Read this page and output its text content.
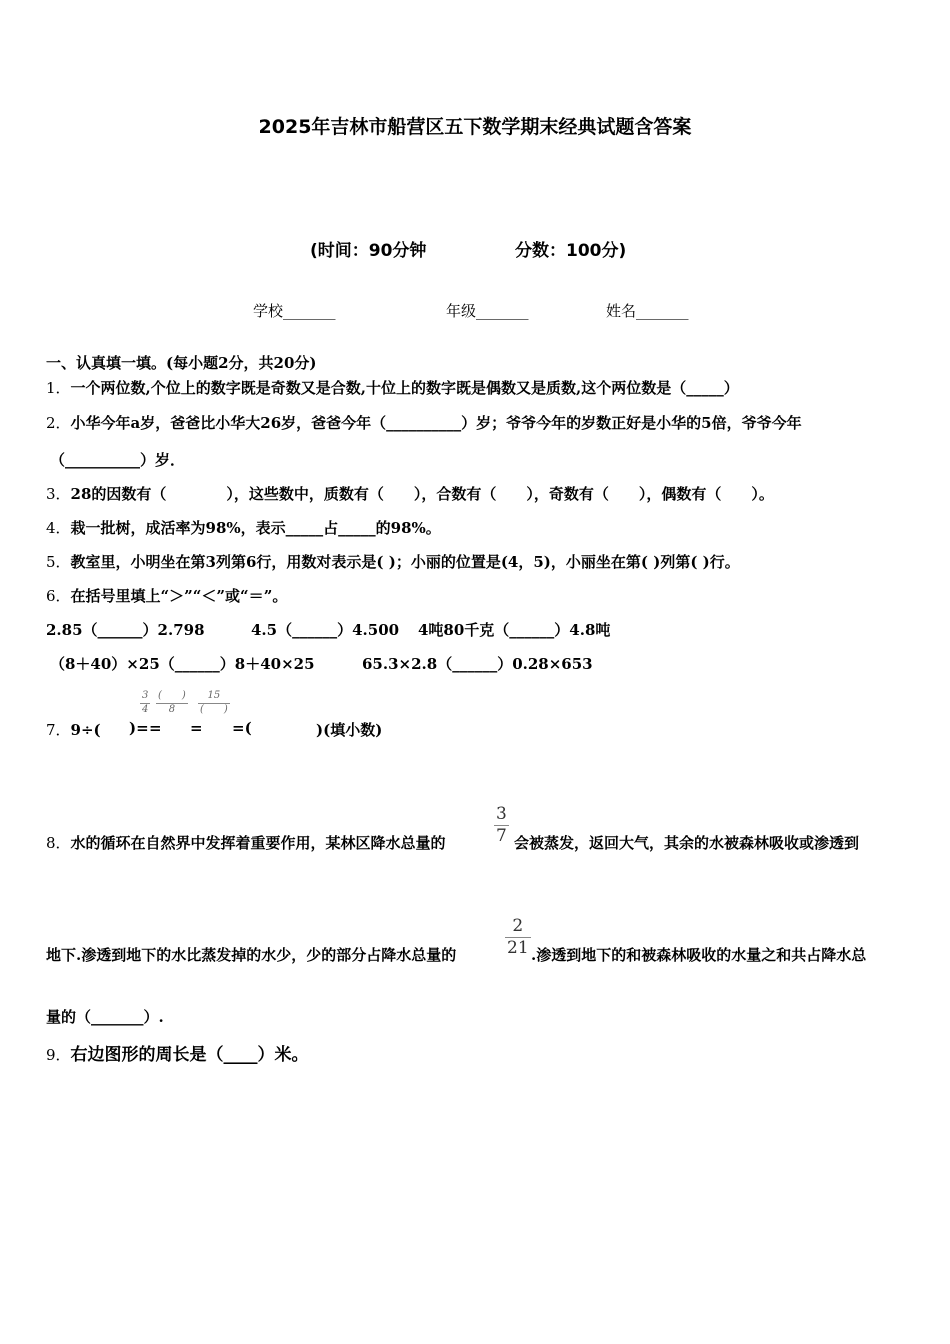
2025年吉林市船营区五下数学期末经典试题含答案
(时间：90分钟	分数：100分)
学校_______	年级_______	姓名_______
一、认真填一填。(每小题2分，共20分)
1．一个两位数,个位上的数字既是奇数又是合数,十位上的数字既是偶数又是质数,这个两位数是（_____）
2．小华今年a岁，爸爸比小华大26岁，爸爸今年（__________）岁；爷爷今年的岁数正好是小华的5倍，爷爷今年
（__________）岁．
3．28的因数有（　　　　），这些数中，质数有（　　），合数有（　　），奇数有（　　），偶数有（　　）。
4．栽一批树，成活率为98%，表示_____占_____的98%。
5．教室里，小明坐在第3列第6行，用数对表示是( )；小丽的位置是(4，5)，小丽坐在第( )列第( )行。
6．在括号里填上“＞”“＜”或“＝”。
2.85（______）2.798	4.5（______）4.500 4吨80千克（______）4.8吨
（8＋40）×25（______）8＋40×25	65.3×2.8（______）0.28×653
7．9÷( )= = = =(	)(填小数)
$\frac{3}{4}$ (　　)
8
15
(　　)
8．水的循环在自然界中发挥着重要作用，某林区降水总量的	$\frac{3}{7}$ 会被蒸发，返回大气，其余的水被森林吸收或渗透到
地下.渗透到地下的水比蒸发掉的水少，少的部分占降水总量的	$\frac{2}{21}$ .渗透到地下的和被森林吸收的水量之和共占降水总
量的（_______）.
9．右边图形的周长是（____）米。
